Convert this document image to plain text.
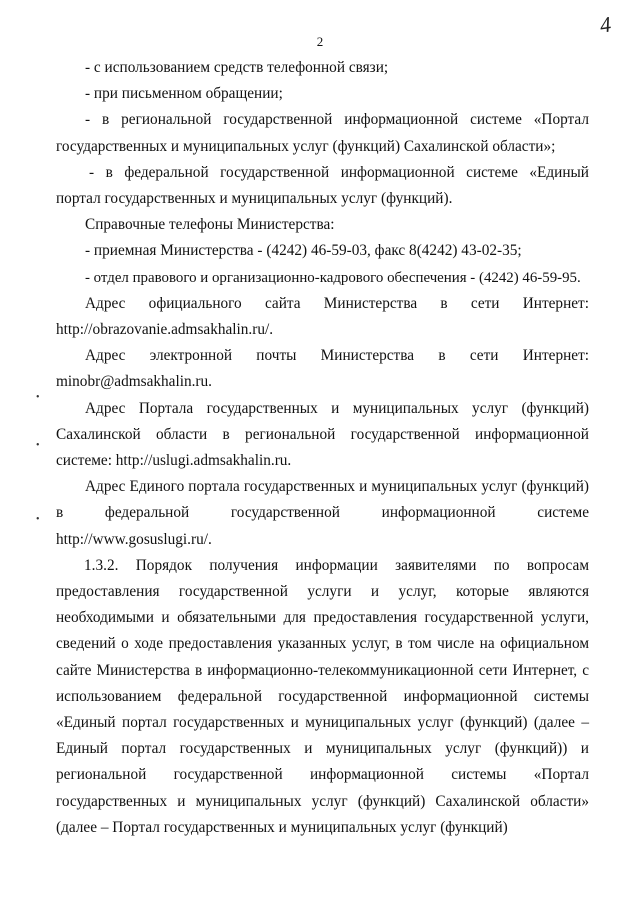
2
4
•
•
•

- с использованием средств телефонной связи;

- при письменном обращении;

- в региональной государственной информационной системе «Портал государственных и муниципальных услуг (функций) Сахалинской области»;

- в федеральной государственной информационной системе «Единый портал государственных и муниципальных услуг (функций).

Справочные телефоны Министерства:

- приемная Министерства - (4242) 46-59-03, факс 8(4242) 43-02-35;

- отдел правового и организационно-кадрового обеспечения - (4242) 46-59-95.

Адрес официального сайта Министерства в сети Интернет: http://obrazovanie.admsakhalin.ru/.

Адрес электронной почты Министерства в сети Интернет: minobr@admsakhalin.ru.

Адрес Портала государственных и муниципальных услуг (функций) Сахалинской области в региональной государственной информационной системе: http://uslugi.admsakhalin.ru.

Адрес Единого портала государственных и муниципальных услуг (функций) в федеральной государственной информационной системе http://www.gosuslugi.ru/.

1.3.2. Порядок получения информации заявителями по вопросам предоставления государственной услуги и услуг, которые являются необходимыми и обязательными для предоставления государственной услуги, сведений о ходе предоставления указанных услуг, в том числе на официальном сайте Министерства в информационно-телекоммуникационной сети Интернет, с использованием федеральной государственной информационной системы «Единый портал государственных и муниципальных услуг (функций) (далее – Единый портал государственных и муниципальных услуг (функций)) и региональной государственной информационной системы «Портал государственных и муниципальных услуг (функций) Сахалинской области» (далее – Портал государственных и муниципальных услуг (функций)
